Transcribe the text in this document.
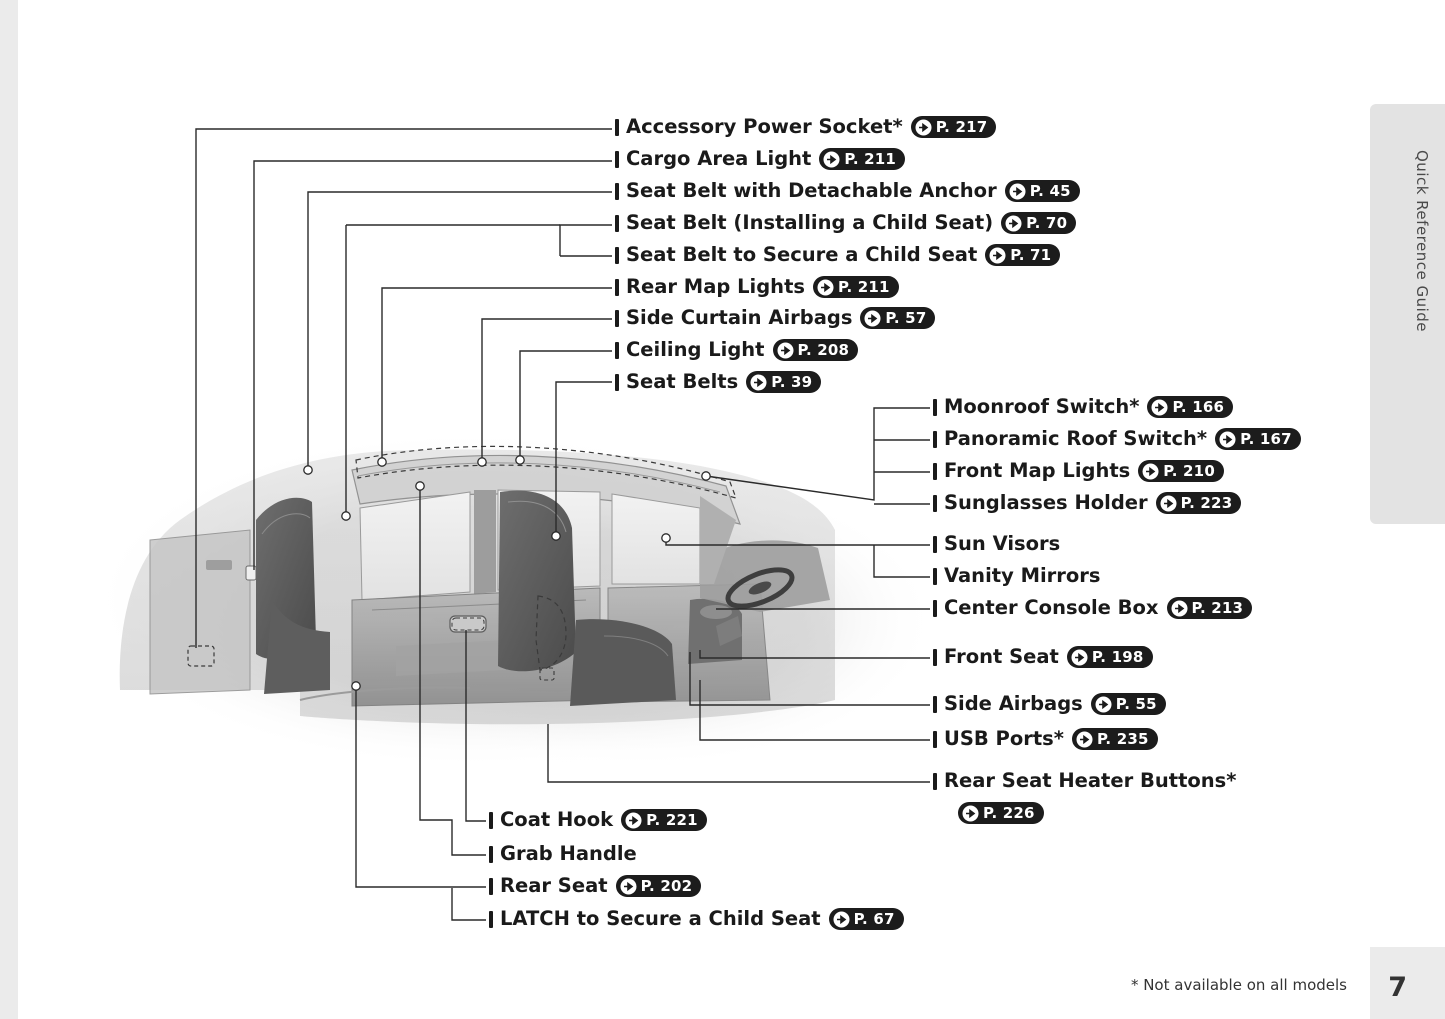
Quick Reference Guide
Accessory Power Socket* P. 217
Cargo Area Light P. 211
Seat Belt with Detachable Anchor P. 45
Seat Belt (Installing a Child Seat) P. 70
Seat Belt to Secure a Child Seat P. 71
Rear Map Lights P. 211
Side Curtain Airbags P. 57
Ceiling Light P. 208
Seat Belts P. 39
Moonroof Switch* P. 166
Panoramic Roof Switch* P. 167
Front Map Lights P. 210
Sunglasses Holder P. 223
Sun Visors
Vanity Mirrors
Center Console Box P. 213
Front Seat P. 198
Side Airbags P. 55
USB Ports* P. 235
Rear Seat Heater Buttons*
P. 226
Coat Hook P. 221
Grab Handle
Rear Seat P. 202
LATCH to Secure a Child Seat P. 67
* Not available on all models 7
